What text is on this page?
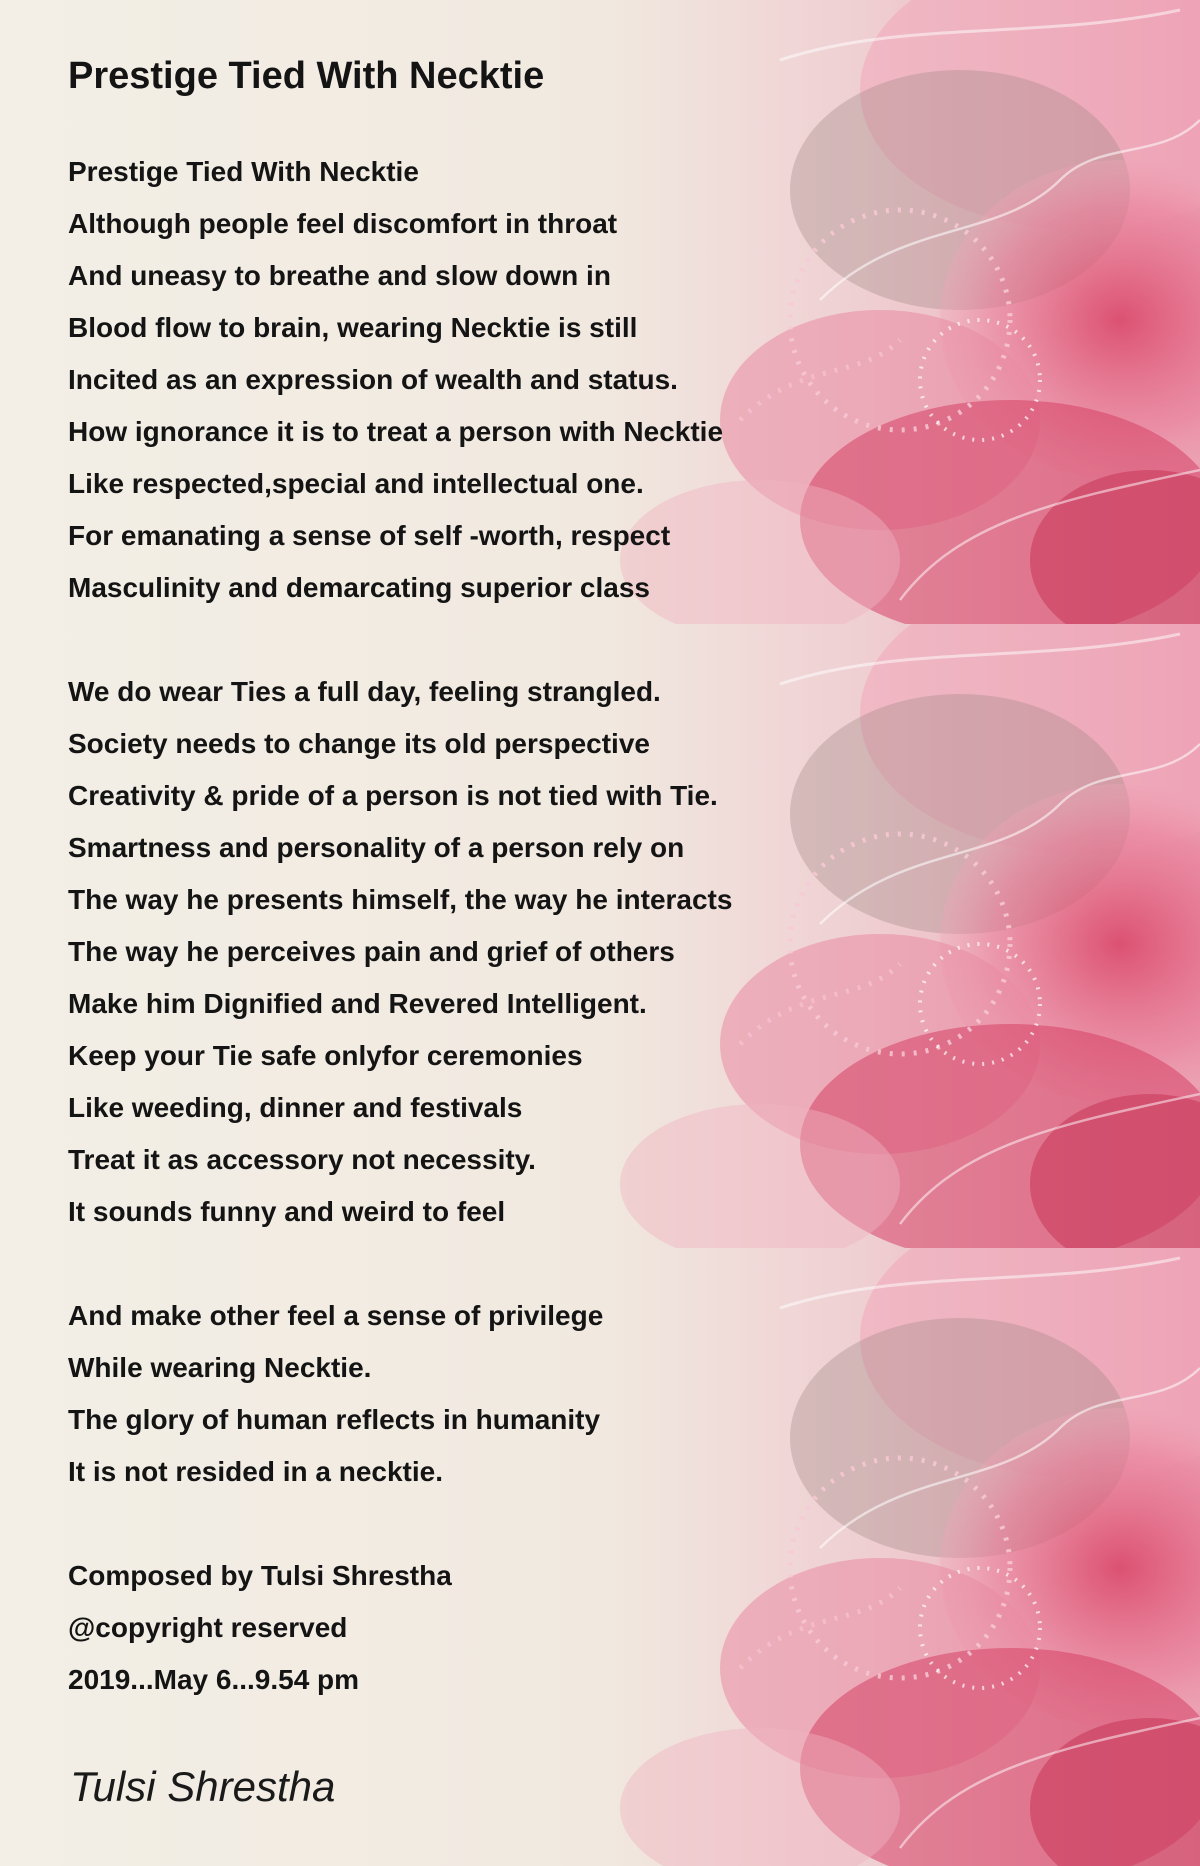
Prestige Tied With Necktie
Prestige Tied With Necktie
Although people feel discomfort in throat
And uneasy to breathe and slow down in
Blood flow to brain, wearing Necktie is still
Incited as an expression of wealth and status.
How ignorance it is to treat a person with Necktie
Like respected,special and intellectual one.
For emanating a sense of self -worth, respect
Masculinity and demarcating superior class
We do wear Ties a full day, feeling strangled.
Society needs to change its old perspective
Creativity & pride of a person is not tied with Tie.
Smartness and personality of a person rely on
The way he presents himself, the way he interacts
The way he perceives pain and grief of others
Make him Dignified and Revered Intelligent.
Keep your Tie safe onlyfor ceremonies
Like weeding, dinner and festivals
Treat it as accessory not necessity.
It sounds funny and weird to feel
And make other feel a sense of privilege
While wearing Necktie.
The glory of human reflects in humanity
It is not resided in a necktie.
Composed by Tulsi Shrestha
@copyright reserved
2019...May 6...9.54 pm
Tulsi Shrestha
